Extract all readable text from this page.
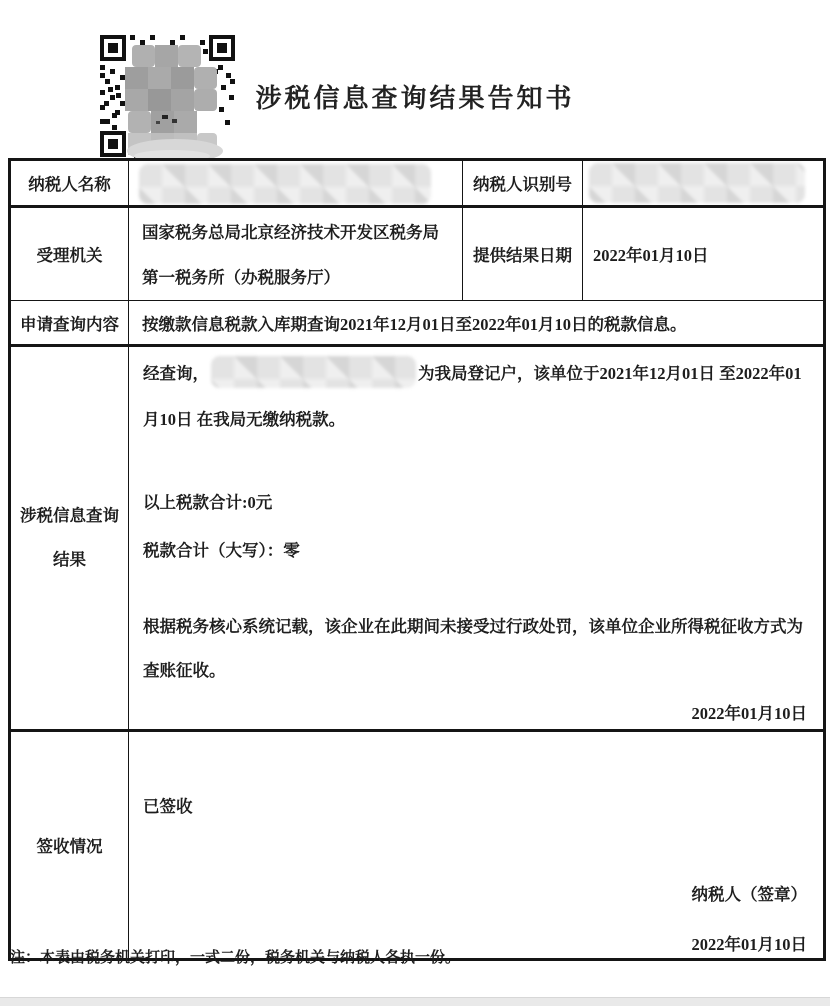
涉税信息查询结果告知书
纳税人名称		纳税人识别号	

受理机关	国家税务总局北京经济技术开发区税务局
第一税务所（办税服务厅）	提供结果日期	2022年01月10日

申请查询内容	按缴款信息税款入库期查询2021年12月01日至2022年01月10日的税款信息。		

涉税信息查询
结果

经查询，	为我局登记户，该单位于2021年12月01日 至2022年01月10日 在我局无缴纳税款。
以上税款合计:0元
税款合计（大写）：零
根据税务核心系统记载，该企业在此期间未接受过行政处罚，该单位企业所得税征收方式为查账征收。
2022年01月10日

签收情况	已签收
纳税人（签章）
2022年01月10日		
注：本表由税务机关打印，一式二份，税务机关与纳税人各执一份。
